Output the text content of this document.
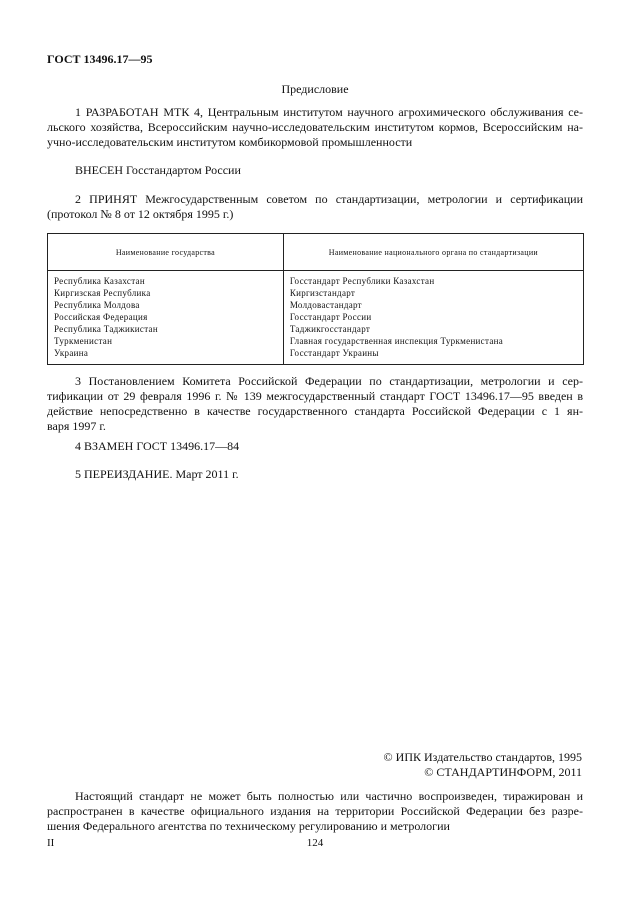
ГОСТ 13496.17—95
Предисловие
1 РАЗРАБОТАН МТК 4, Центральным институтом научного агрохимического обслуживания се-
льского хозяйства, Всероссийским научно-исследовательским институтом кормов, Всероссийским на-
учно-исследовательским институтом комбикормовой промышленности
ВНЕСЕН Госстандартом России
2 ПРИНЯТ Межгосударственным советом по стандартизации, метрологии и сертификации
(протокол № 8 от 12 октября 1995 г.)
Наименование государства	Наименование национального органа по стандартизации
Республика Казахстан	Госстандарт Республики Казахстан
Киргизская Республика	Киргизстандарт
Республика Молдова	Молдовастандарт
Российская Федерация	Госстандарт России
Республика Таджикистан	Таджикгосстандарт
Туркменистан	Главная государственная инспекция Туркменистана
Украина	Госстандарт Украины
3 Постановлением Комитета Российской Федерации по стандартизации, метрологии и сер-
тификации от 29 февраля 1996 г. № 139 межгосударственный стандарт ГОСТ 13496.17—95 введен в
действие непосредственно в качестве государственного стандарта Российской Федерации с 1 ян-
варя 1997 г.
4 ВЗАМЕН ГОСТ 13496.17—84
5 ПЕРЕИЗДАНИЕ. Март 2011 г.
© ИПК Издательство стандартов, 1995
© СТАНДАРТИНФОРМ, 2011
Настоящий стандарт не может быть полностью или частично воспроизведен, тиражирован и
распространен в качестве официального издания на территории Российской Федерации без разре-
шения Федерального агентства по техническому регулированию и метрологии
II	124
